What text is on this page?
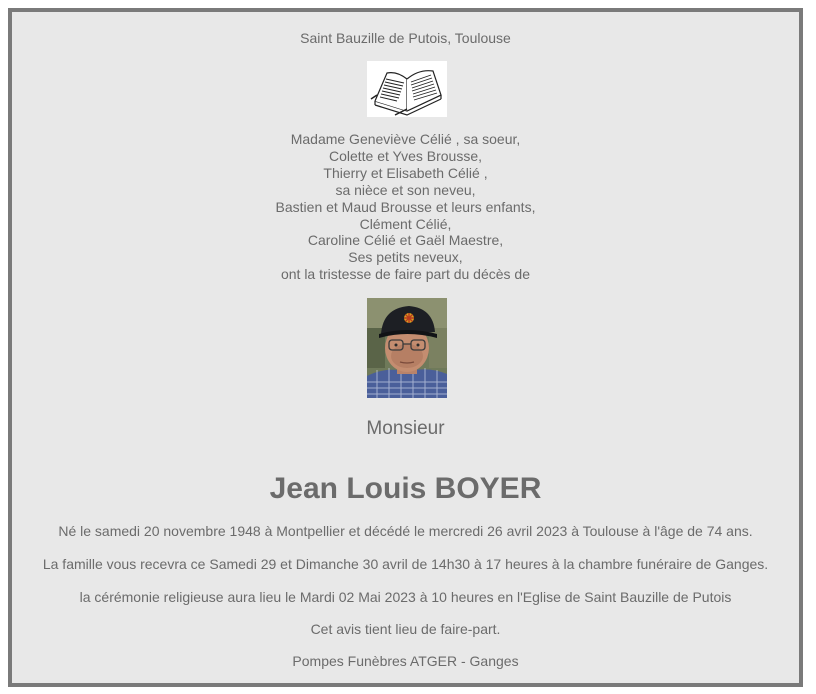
Saint Bauzille de Putois, Toulouse
Madame Geneviève Célié , sa soeur,
Colette et Yves Brousse,
Thierry et Elisabeth Célié ,
sa nièce et son neveu,
Bastien et Maud Brousse et leurs enfants,
Clément Célié,
Caroline Célié et Gaël Maestre,
Ses petits neveux,
ont la tristesse de faire part du décès de
Monsieur
Jean Louis BOYER
Né le samedi 20 novembre 1948 à Montpellier et décédé le mercredi 26 avril 2023 à Toulouse à l'âge de 74 ans.
La famille vous recevra ce Samedi 29 et Dimanche 30 avril de 14h30 à 17 heures à la chambre funéraire de Ganges.
la cérémonie religieuse aura lieu le Mardi 02 Mai 2023 à 10 heures en l'Eglise de Saint Bauzille de Putois
Cet avis tient lieu de faire-part.
Pompes Funèbres ATGER - Ganges
